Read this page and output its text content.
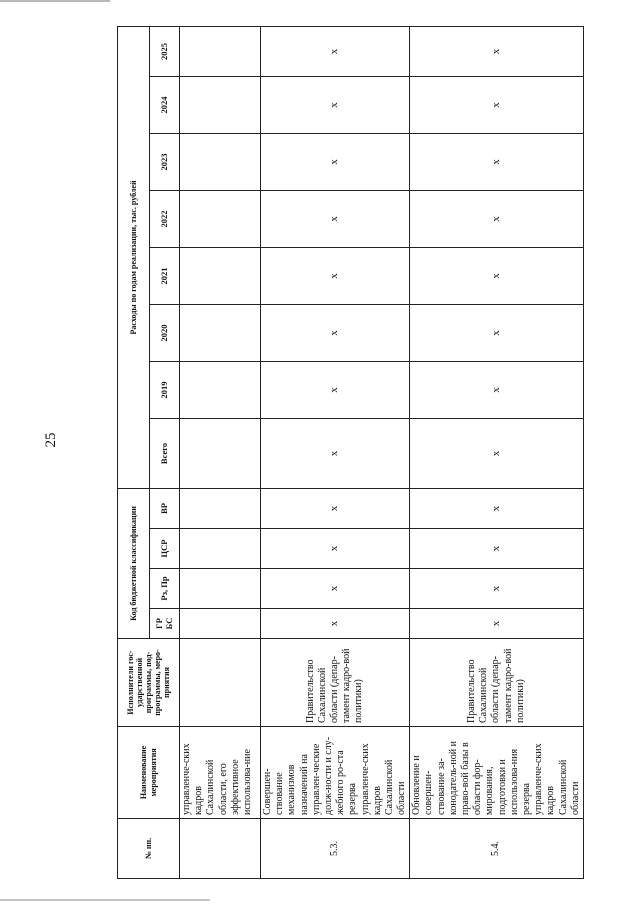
25
№ пп.	Наименование мероприятия	Исполнители гос-ударственной программы, под-программы, меро-приятия	Код бюджетной классификации				Расходы по годам реализации, тыс. рублей							
			ГР БС	Рз, Пр	ЦСР	ВР	Всего	2019	2020	2021	2022	2023	2024	2025
	управленче-ских кадров Сахалинской области, его эффективное использова-ние													
5.3.	Совершен-ствование механизмов назначений на управлен-ческие долж-ности и слу-жебного ро-ста резерва управленче-ских кадров Сахалинской области	Правительство Сахалинской области (депар-тамент кадро-вой политики)	x	x	x	x	x	x	x	x	x	x	x	x
5.4.	Обновление и совершен-ствование за-конодатель-ной и право-вой базы в области фор-мирования, подготовки и использова-ния резерва управленче-ских кадров Сахалинской области	Правительство Сахалинской области (депар-тамент кадро-вой политики)	x	x	x	x	x	x	x	x	x	x	x	x
